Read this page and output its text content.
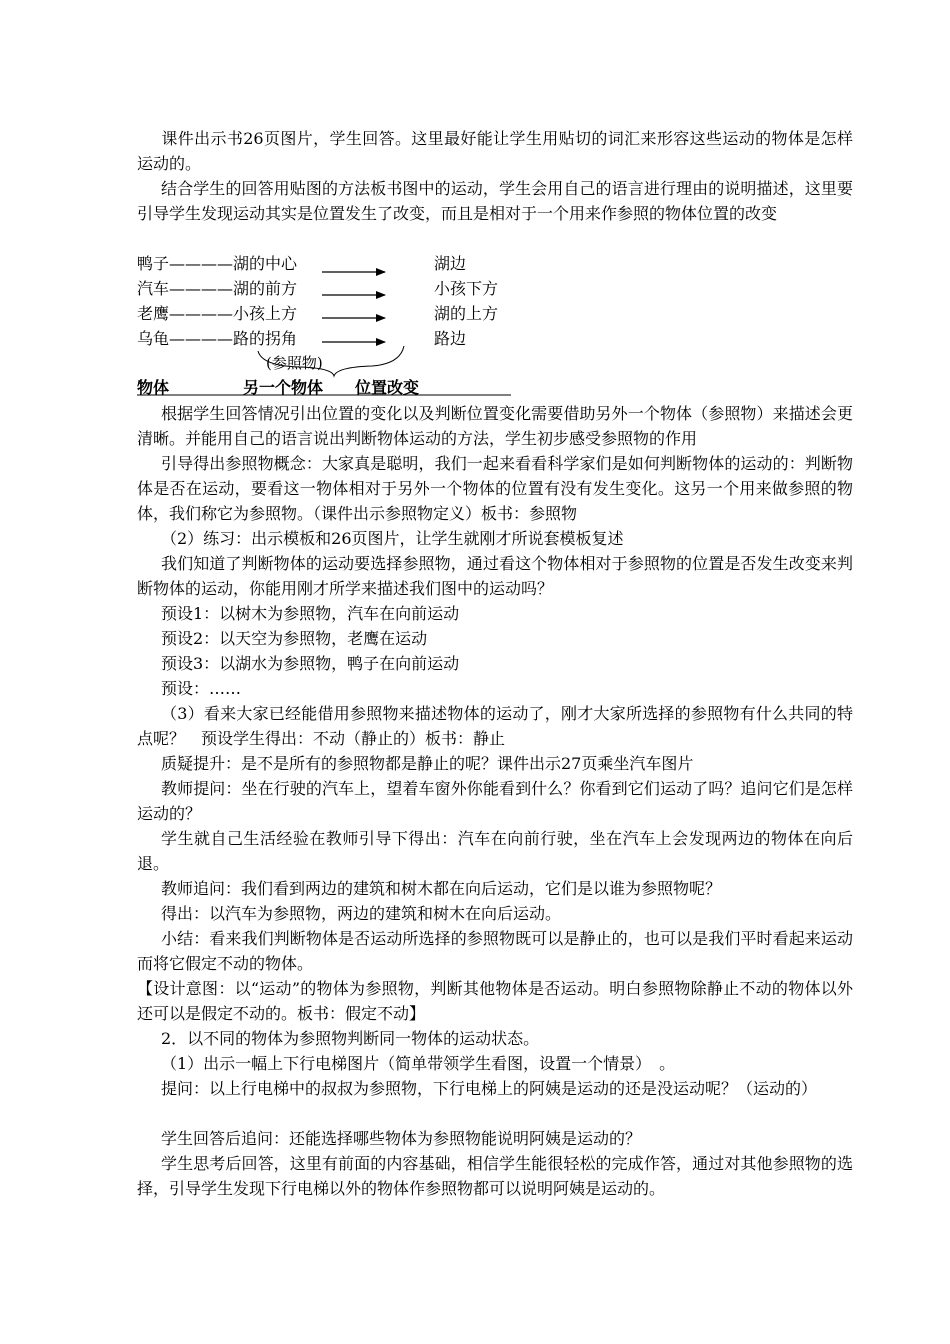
课件出示书26页图片，学生回答。这里最好能让学生用贴切的词汇来形容这些运动的物体是怎样运动的。
结合学生的回答用贴图的方法板书图中的运动，学生会用自己的语言进行理由的说明描述，这里要引导学生发现运动其实是位置发生了改变，而且是相对于一个用来作参照的物体位置的改变
鸭子————湖的中心	湖边
汽车————湖的前方	小孩下方
老鹰————小孩上方	湖的上方
乌龟————路的拐角	路边
(参照物)
物体	另一个物体 位置改变
根据学生回答情况引出位置的变化以及判断位置变化需要借助另外一个物体（参照物）来描述会更清晰。并能用自己的语言说出判断物体运动的方法，学生初步感受参照物的作用
引导得出参照物概念：大家真是聪明，我们一起来看看科学家们是如何判断物体的运动的：判断物体是否在运动，要看这一物体相对于另外一个物体的位置有没有发生变化。这另一个用来做参照的物体，我们称它为参照物。（课件出示参照物定义）板书：参照物
（2）练习：出示模板和26页图片，让学生就刚才所说套模板复述
我们知道了判断物体的运动要选择参照物，通过看这个物体相对于参照物的位置是否发生改变来判断物体的运动，你能用刚才所学来描述我们图中的运动吗？
预设1：以树木为参照物，汽车在向前运动
预设2：以天空为参照物，老鹰在运动
预设3：以湖水为参照物，鸭子在向前运动
预设：……
（3）看来大家已经能借用参照物来描述物体的运动了，刚才大家所选择的参照物有什么共同的特点呢？　预设学生得出：不动（静止的）板书：静止
质疑提升：是不是所有的参照物都是静止的呢？课件出示27页乘坐汽车图片
教师提问：坐在行驶的汽车上，望着车窗外你能看到什么？你看到它们运动了吗？追问它们是怎样运动的？
学生就自己生活经验在教师引导下得出：汽车在向前行驶，坐在汽车上会发现两边的物体在向后退。
教师追问：我们看到两边的建筑和树木都在向后运动，它们是以谁为参照物呢？
得出：以汽车为参照物，两边的建筑和树木在向后运动。
小结：看来我们判断物体是否运动所选择的参照物既可以是静止的，也可以是我们平时看起来运动而将它假定不动的物体。
【设计意图：以“运动”的物体为参照物，判断其他物体是否运动。明白参照物除静止不动的物体以外还可以是假定不动的。板书：假定不动】
2．以不同的物体为参照物判断同一物体的运动状态。
（1）出示一幅上下行电梯图片（简单带领学生看图，设置一个情景）　。
提问：以上行电梯中的叔叔为参照物，下行电梯上的阿姨是运动的还是没运动呢？（运动的）
学生回答后追问：还能选择哪些物体为参照物能说明阿姨是运动的？
学生思考后回答，这里有前面的内容基础，相信学生能很轻松的完成作答，通过对其他参照物的选择，引导学生发现下行电梯以外的物体作参照物都可以说明阿姨是运动的。
